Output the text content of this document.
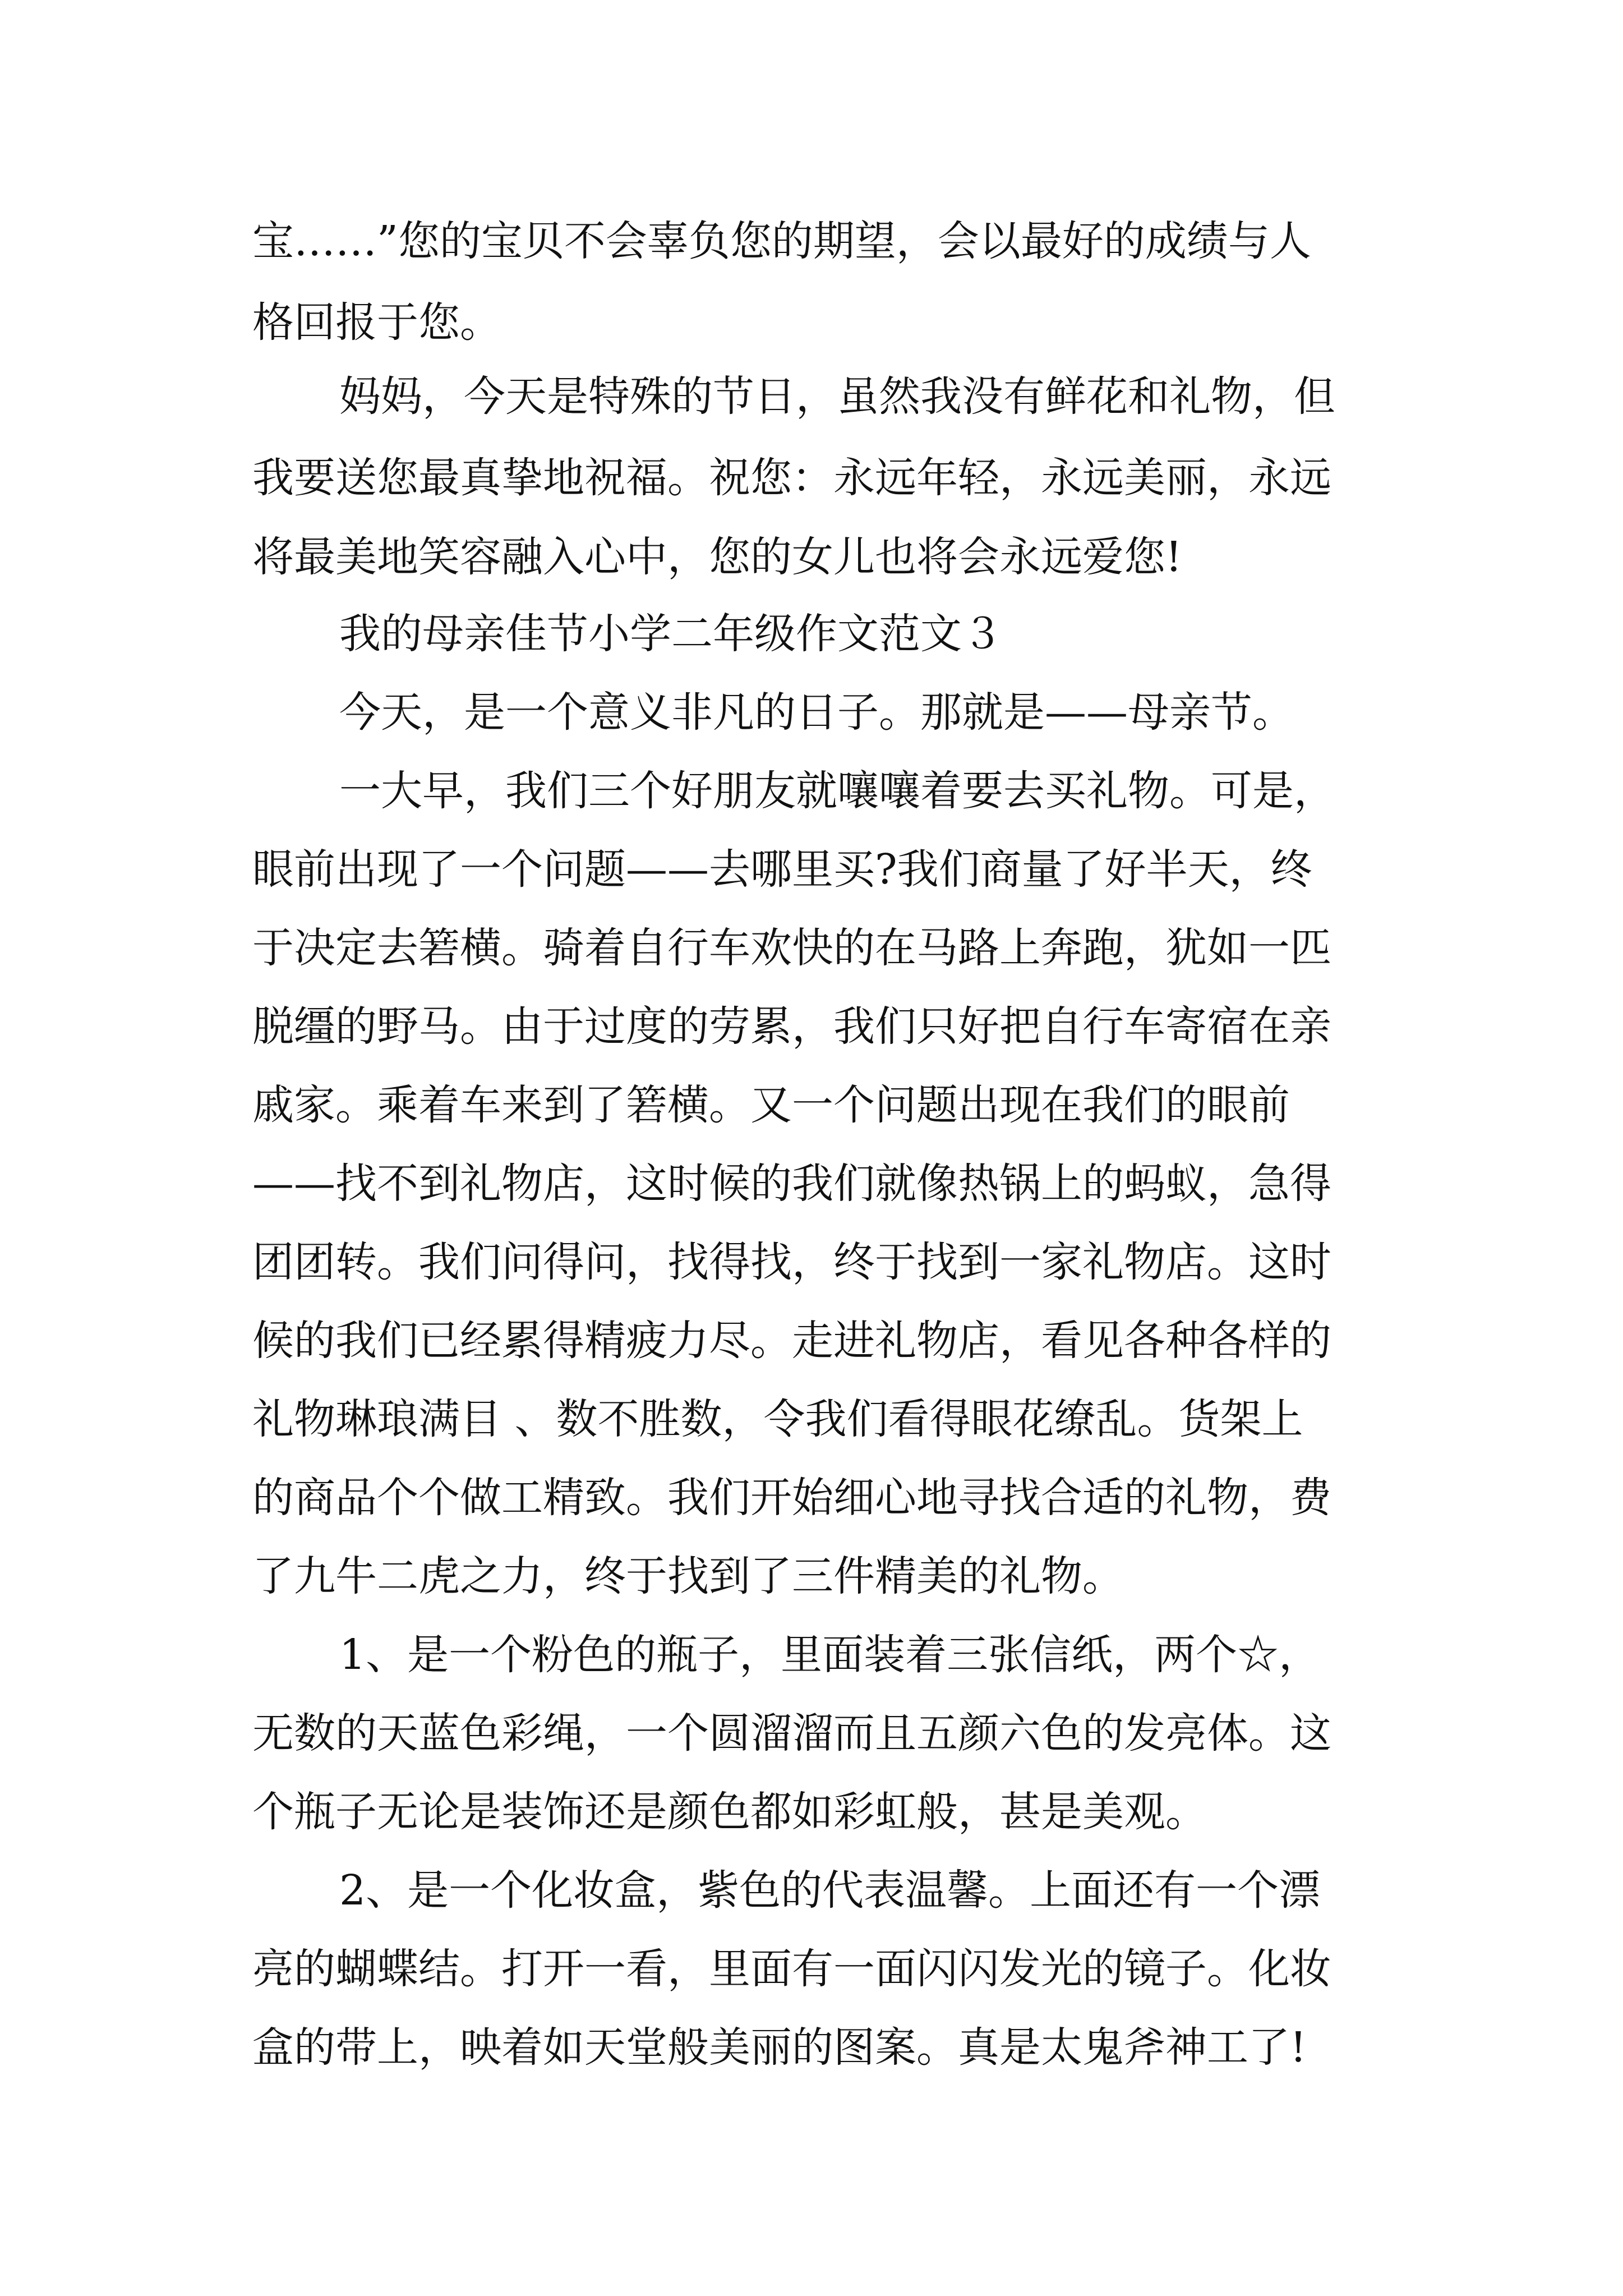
宝……”您的宝贝不会辜负您的期望，会以最好的成绩与人

格回报于您。

妈妈，今天是特殊的节日，虽然我没有鲜花和礼物，但

我要送您最真挚地祝福。祝您：永远年轻，永远美丽，永远

将最美地笑容融入心中，您的女儿也将会永远爱您!

我的母亲佳节小学二年级作文范文３

今天，是一个意义非凡的日子。那就是——母亲节。

一大早，我们三个好朋友就嚷嚷着要去买礼物。可是，

眼前出现了一个问题——去哪里买?我们商量了好半天，终

于决定去箬横。骑着自行车欢快的在马路上奔跑，犹如一匹

脱缰的野马。由于过度的劳累，我们只好把自行车寄宿在亲

戚家。乘着车来到了箬横。又一个问题出现在我们的眼前

——找不到礼物店，这时候的我们就像热锅上的蚂蚁，急得

团团转。我们问得问，找得找，终于找到一家礼物店。这时

候的我们已经累得精疲力尽。走进礼物店，看见各种各样的

礼物琳琅满目 、数不胜数，令我们看得眼花缭乱。货架上

的商品个个做工精致。我们开始细心地寻找合适的礼物，费

了九牛二虎之力，终于找到了三件精美的礼物。

1、是一个粉色的瓶子，里面装着三张信纸，两个☆，

无数的天蓝色彩绳，一个圆溜溜而且五颜六色的发亮体。这

个瓶子无论是装饰还是颜色都如彩虹般，甚是美观。

2、是一个化妆盒，紫色的代表温馨。上面还有一个漂

亮的蝴蝶结。打开一看，里面有一面闪闪发光的镜子。化妆

盒的带上，映着如天堂般美丽的图案。真是太鬼斧神工了!
